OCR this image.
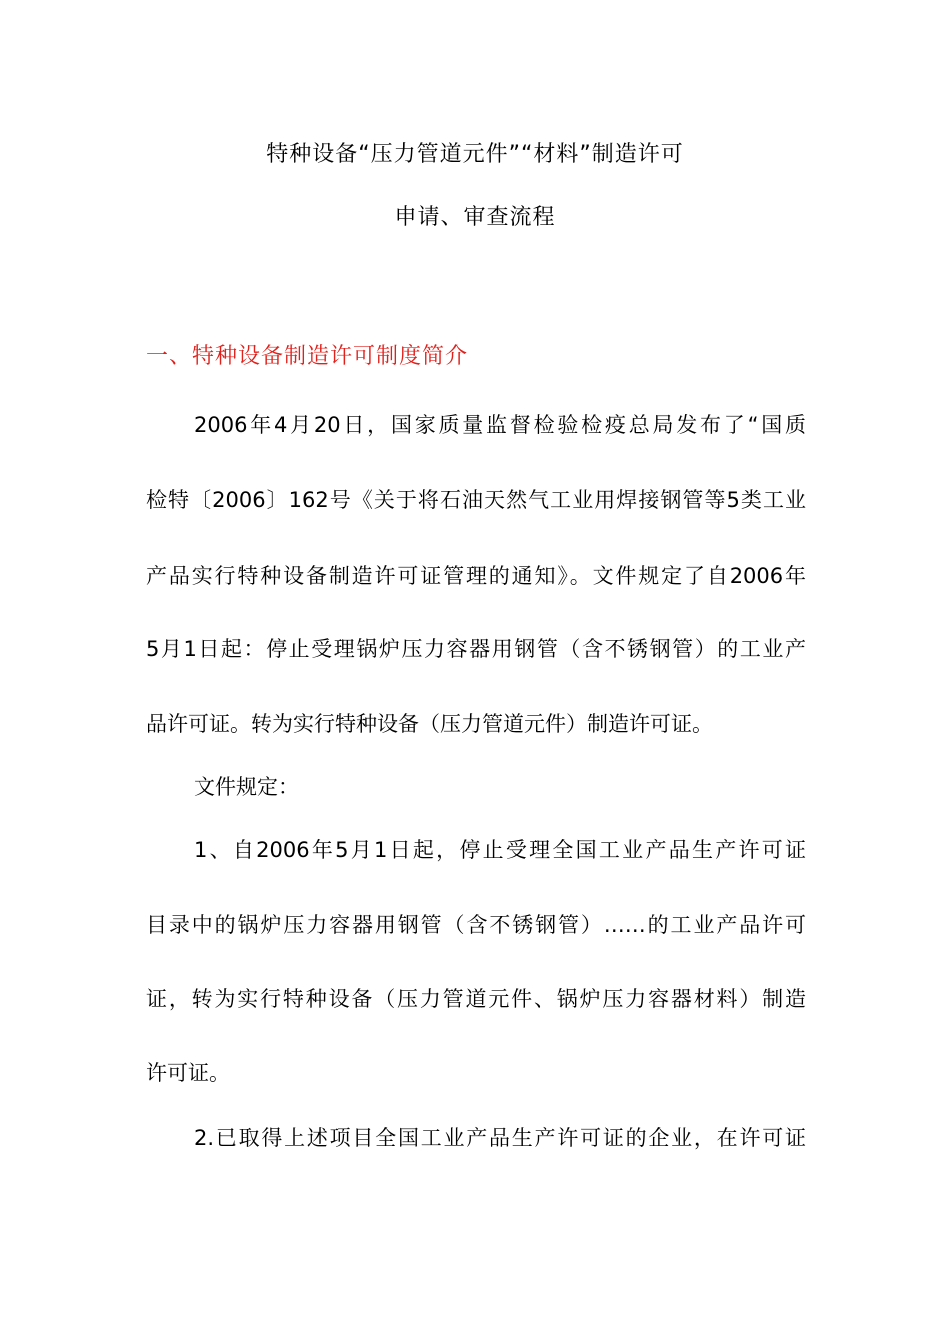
特种设备“压力管道元件”“材料”制造许可
申请、审查流程
一、特种设备制造许可制度简介
2006年4月20日，国家质量监督检验检疫总局发布了“国质
检特〔2006〕162号《关于将石油天然气工业用焊接钢管等5类工业
产品实行特种设备制造许可证管理的通知》。文件规定了自2006年
5月1日起：停止受理锅炉压力容器用钢管（含不锈钢管）的工业产
品许可证。转为实行特种设备（压力管道元件）制造许可证。
文件规定：
1、自2006年5月1日起，停止受理全国工业产品生产许可证
目录中的锅炉压力容器用钢管（含不锈钢管）……的工业产品许可
证，转为实行特种设备（压力管道元件、锅炉压力容器材料）制造
许可证。
2.已取得上述项目全国工业产品生产许可证的企业，在许可证
